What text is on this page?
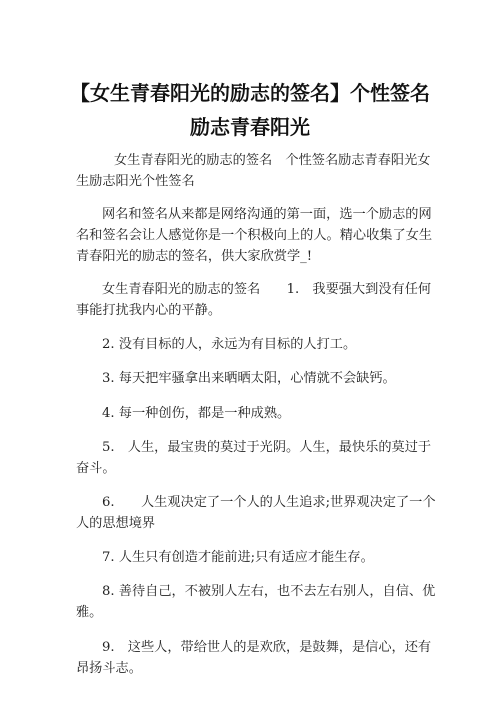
【女生青春阳光的励志的签名】个性签名
励志青春阳光

女生青春阳光的励志的签名　个性签名励志青春阳光女生励志阳光个性签名

网名和签名从来都是网络沟通的第一面，选一个励志的网名和签名会让人感觉你是一个积极向上的人。精心收集了女生青春阳光的励志的签名，供大家欣赏学_!

女生青春阳光的励志的签名　　1.　我要强大到没有任何事能打扰我内心的平静。

2. 没有目标的人，永远为有目标的人打工。

3. 每天把牢骚拿出来晒晒太阳，心情就不会缺钙。

4. 每一种创伤，都是一种成熟。

5.　人生，最宝贵的莫过于光阴。人生，最快乐的莫过于奋斗。

6.　　人生观决定了一个人的人生追求;世界观决定了一个人的思想境界

7. 人生只有创造才能前进;只有适应才能生存。

8. 善待自己，不被别人左右，也不去左右别人，自信、优雅。

9.　这些人，带给世人的是欢欣，是鼓舞，是信心，还有昂扬斗志。
